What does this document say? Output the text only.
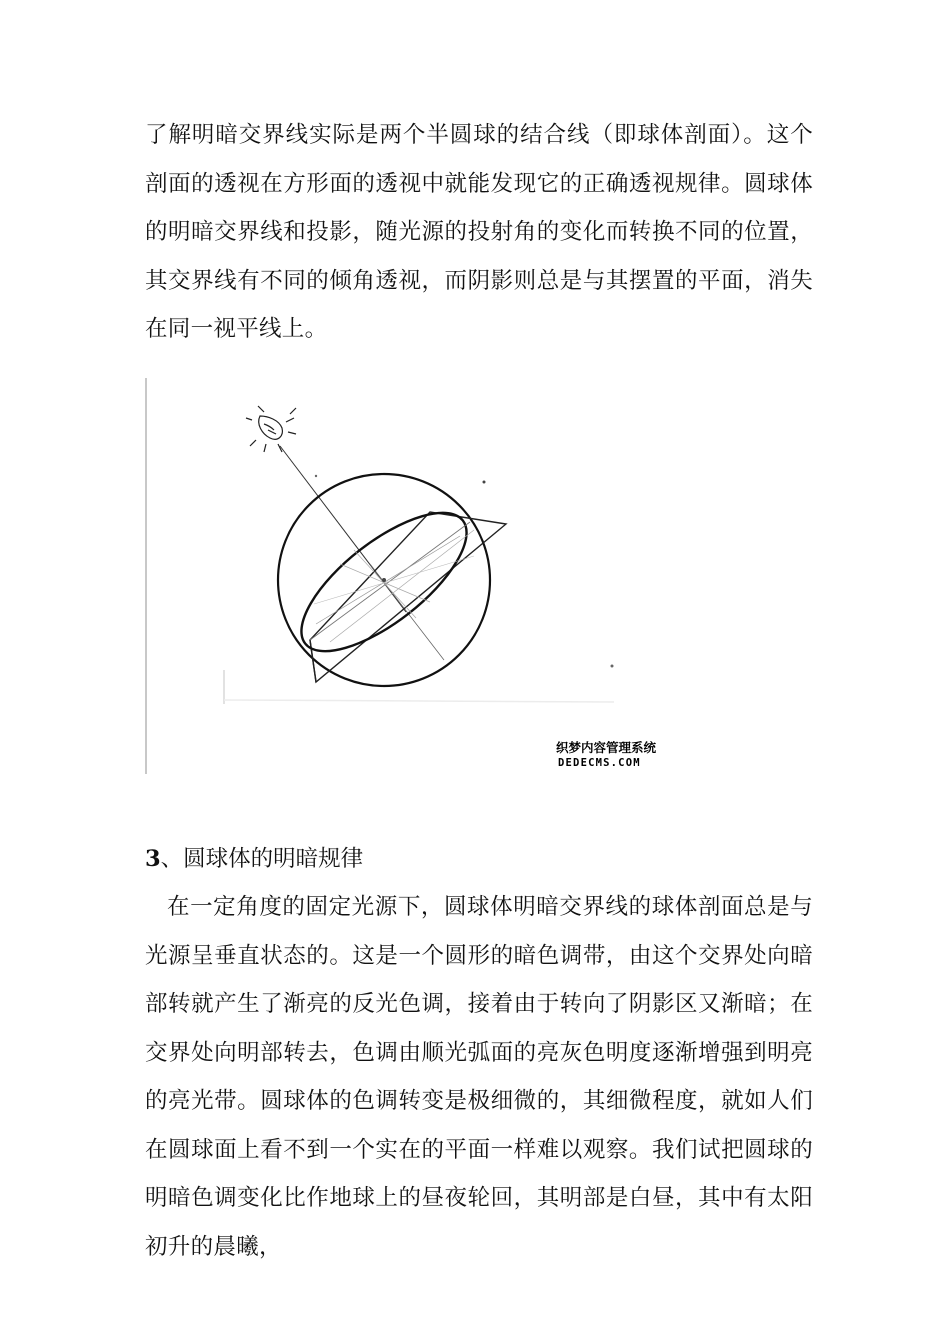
了解明暗交界线实际是两个半圆球的结合线（即球体剖面）。这个剖面的透视在方形面的透视中就能发现它的正确透视规律。圆球体的明暗交界线和投影，随光源的投射角的变化而转换不同的位置，其交界线有不同的倾角透视，而阴影则总是与其摆置的平面，消失在同一视平线上。

织梦内容管理系统
DEDECMS.COM
3、圆球体的明暗规律

在一定角度的固定光源下，圆球体明暗交界线的球体剖面总是与光源呈垂直状态的。这是一个圆形的暗色调带，由这个交界处向暗部转就产生了渐亮的反光色调，接着由于转向了阴影区又渐暗；在交界处向明部转去，色调由顺光弧面的亮灰色明度逐渐增强到明亮的亮光带。圆球体的色调转变是极细微的，其细微程度，就如人们在圆球面上看不到一个实在的平面一样难以观察。我们试把圆球的明暗色调变化比作地球上的昼夜轮回，其明部是白昼，其中有太阳初升的晨曦，
